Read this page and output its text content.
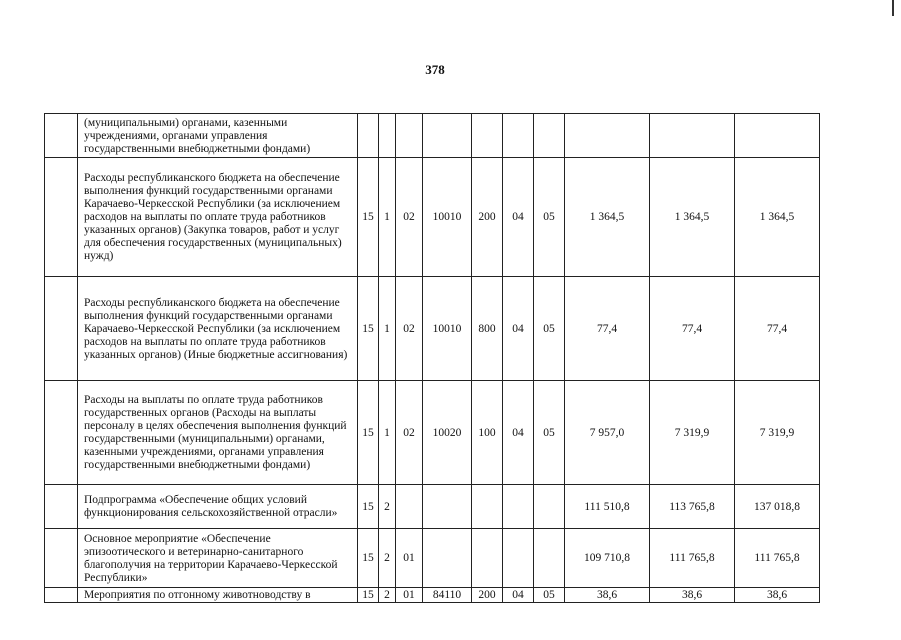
378
	(муниципальными) органами, казенными учреждениями, органами управления государственными внебюджетными фондами)										
	Расходы республиканского бюджета на обеспечение выполнения функций государственными органами Карачаево-Черкесской Республики (за исключением расходов на выплаты по оплате труда работников указанных органов) (Закупка товаров, работ и услуг для обеспечения государственных (муниципальных) нужд)	15	1	02	10010	200	04	05	1 364,5	1 364,5	1 364,5
	Расходы республиканского бюджета на обеспечение выполнения функций государственными органами Карачаево-Черкесской Республики (за исключением расходов на выплаты по оплате труда работников указанных органов) (Иные бюджетные ассигнования)	15	1	02	10010	800	04	05	77,4	77,4	77,4
	Расходы на выплаты по оплате труда работников государственных органов (Расходы на выплаты персоналу в целях обеспечения выполнения функций государственными (муниципальными) органами, казенными учреждениями, органами управления государственными внебюджетными фондами)	15	1	02	10020	100	04	05	7 957,0	7 319,9	7 319,9
	Подпрограмма «Обеспечение общих условий функционирования сельскохозяйственной отрасли»	15	2						111 510,8	113 765,8	137 018,8
	Основное мероприятие «Обеспечение эпизоотического и ветеринарно-санитарного благополучия на территории Карачаево-Черкесской Республики»	15	2	01					109 710,8	111 765,8	111 765,8
	Мероприятия по отгонному животноводству в	15	2	01	84110	200	04	05	38,6	38,6	38,6
